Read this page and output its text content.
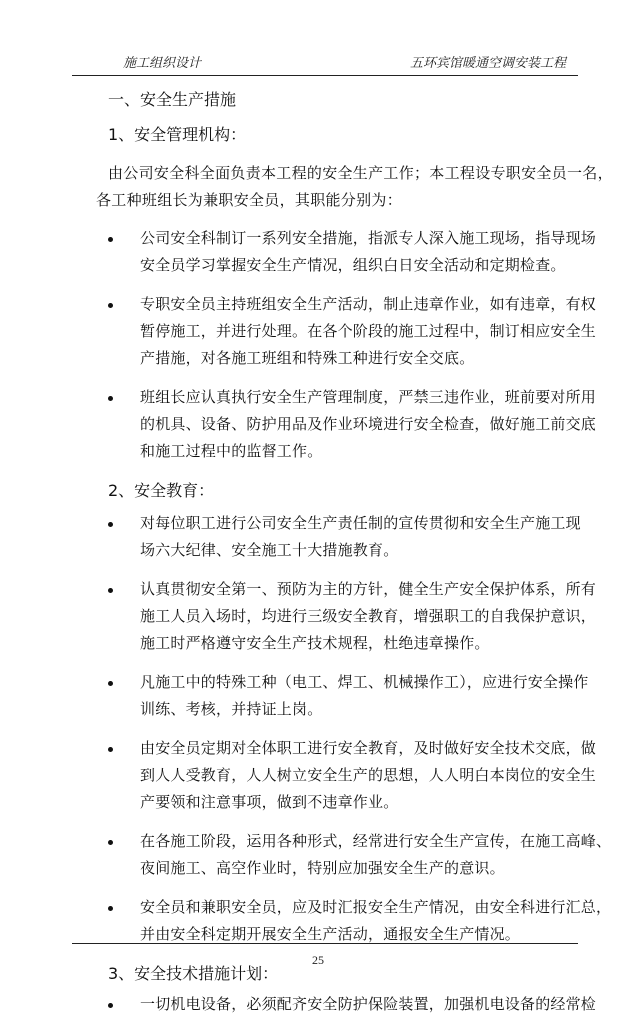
施工组织设计	五环宾馆暖通空调安装工程
一、安全生产措施
1、安全管理机构：
由公司安全科全面负责本工程的安全生产工作；本工程设专职安全员一名，
各工种班组长为兼职安全员，其职能分别为：
公司安全科制订一系列安全措施，指派专人深入施工现场，指导现场
安全员学习掌握安全生产情况，组织白日安全活动和定期检查。
专职安全员主持班组安全生产活动，制止违章作业，如有违章，有权
暂停施工，并进行处理。在各个阶段的施工过程中，制订相应安全生
产措施，对各施工班组和特殊工种进行安全交底。
班组长应认真执行安全生产管理制度，严禁三违作业，班前要对所用
的机具、设备、防护用品及作业环境进行安全检查，做好施工前交底
和施工过程中的监督工作。
2、安全教育：
对每位职工进行公司安全生产责任制的宣传贯彻和安全生产施工现
场六大纪律、安全施工十大措施教育。
认真贯彻安全第一、预防为主的方针，健全生产安全保护体系，所有
施工人员入场时，均进行三级安全教育，增强职工的自我保护意识，
施工时严格遵守安全生产技术规程，杜绝违章操作。
凡施工中的特殊工种（电工、焊工、机械操作工），应进行安全操作
训练、考核，并持证上岗。
由安全员定期对全体职工进行安全教育，及时做好安全技术交底，做
到人人受教育，人人树立安全生产的思想，人人明白本岗位的安全生
产要领和注意事项，做到不违章作业。
在各施工阶段，运用各种形式，经常进行安全生产宣传，在施工高峰、
夜间施工、高空作业时，特别应加强安全生产的意识。
安全员和兼职安全员，应及时汇报安全生产情况，由安全科进行汇总，
并由安全科定期开展安全生产活动，通报安全生产情况。
3、安全技术措施计划：
一切机电设备，必须配齐安全防护保险装置，加强机电设备的经常检
25
